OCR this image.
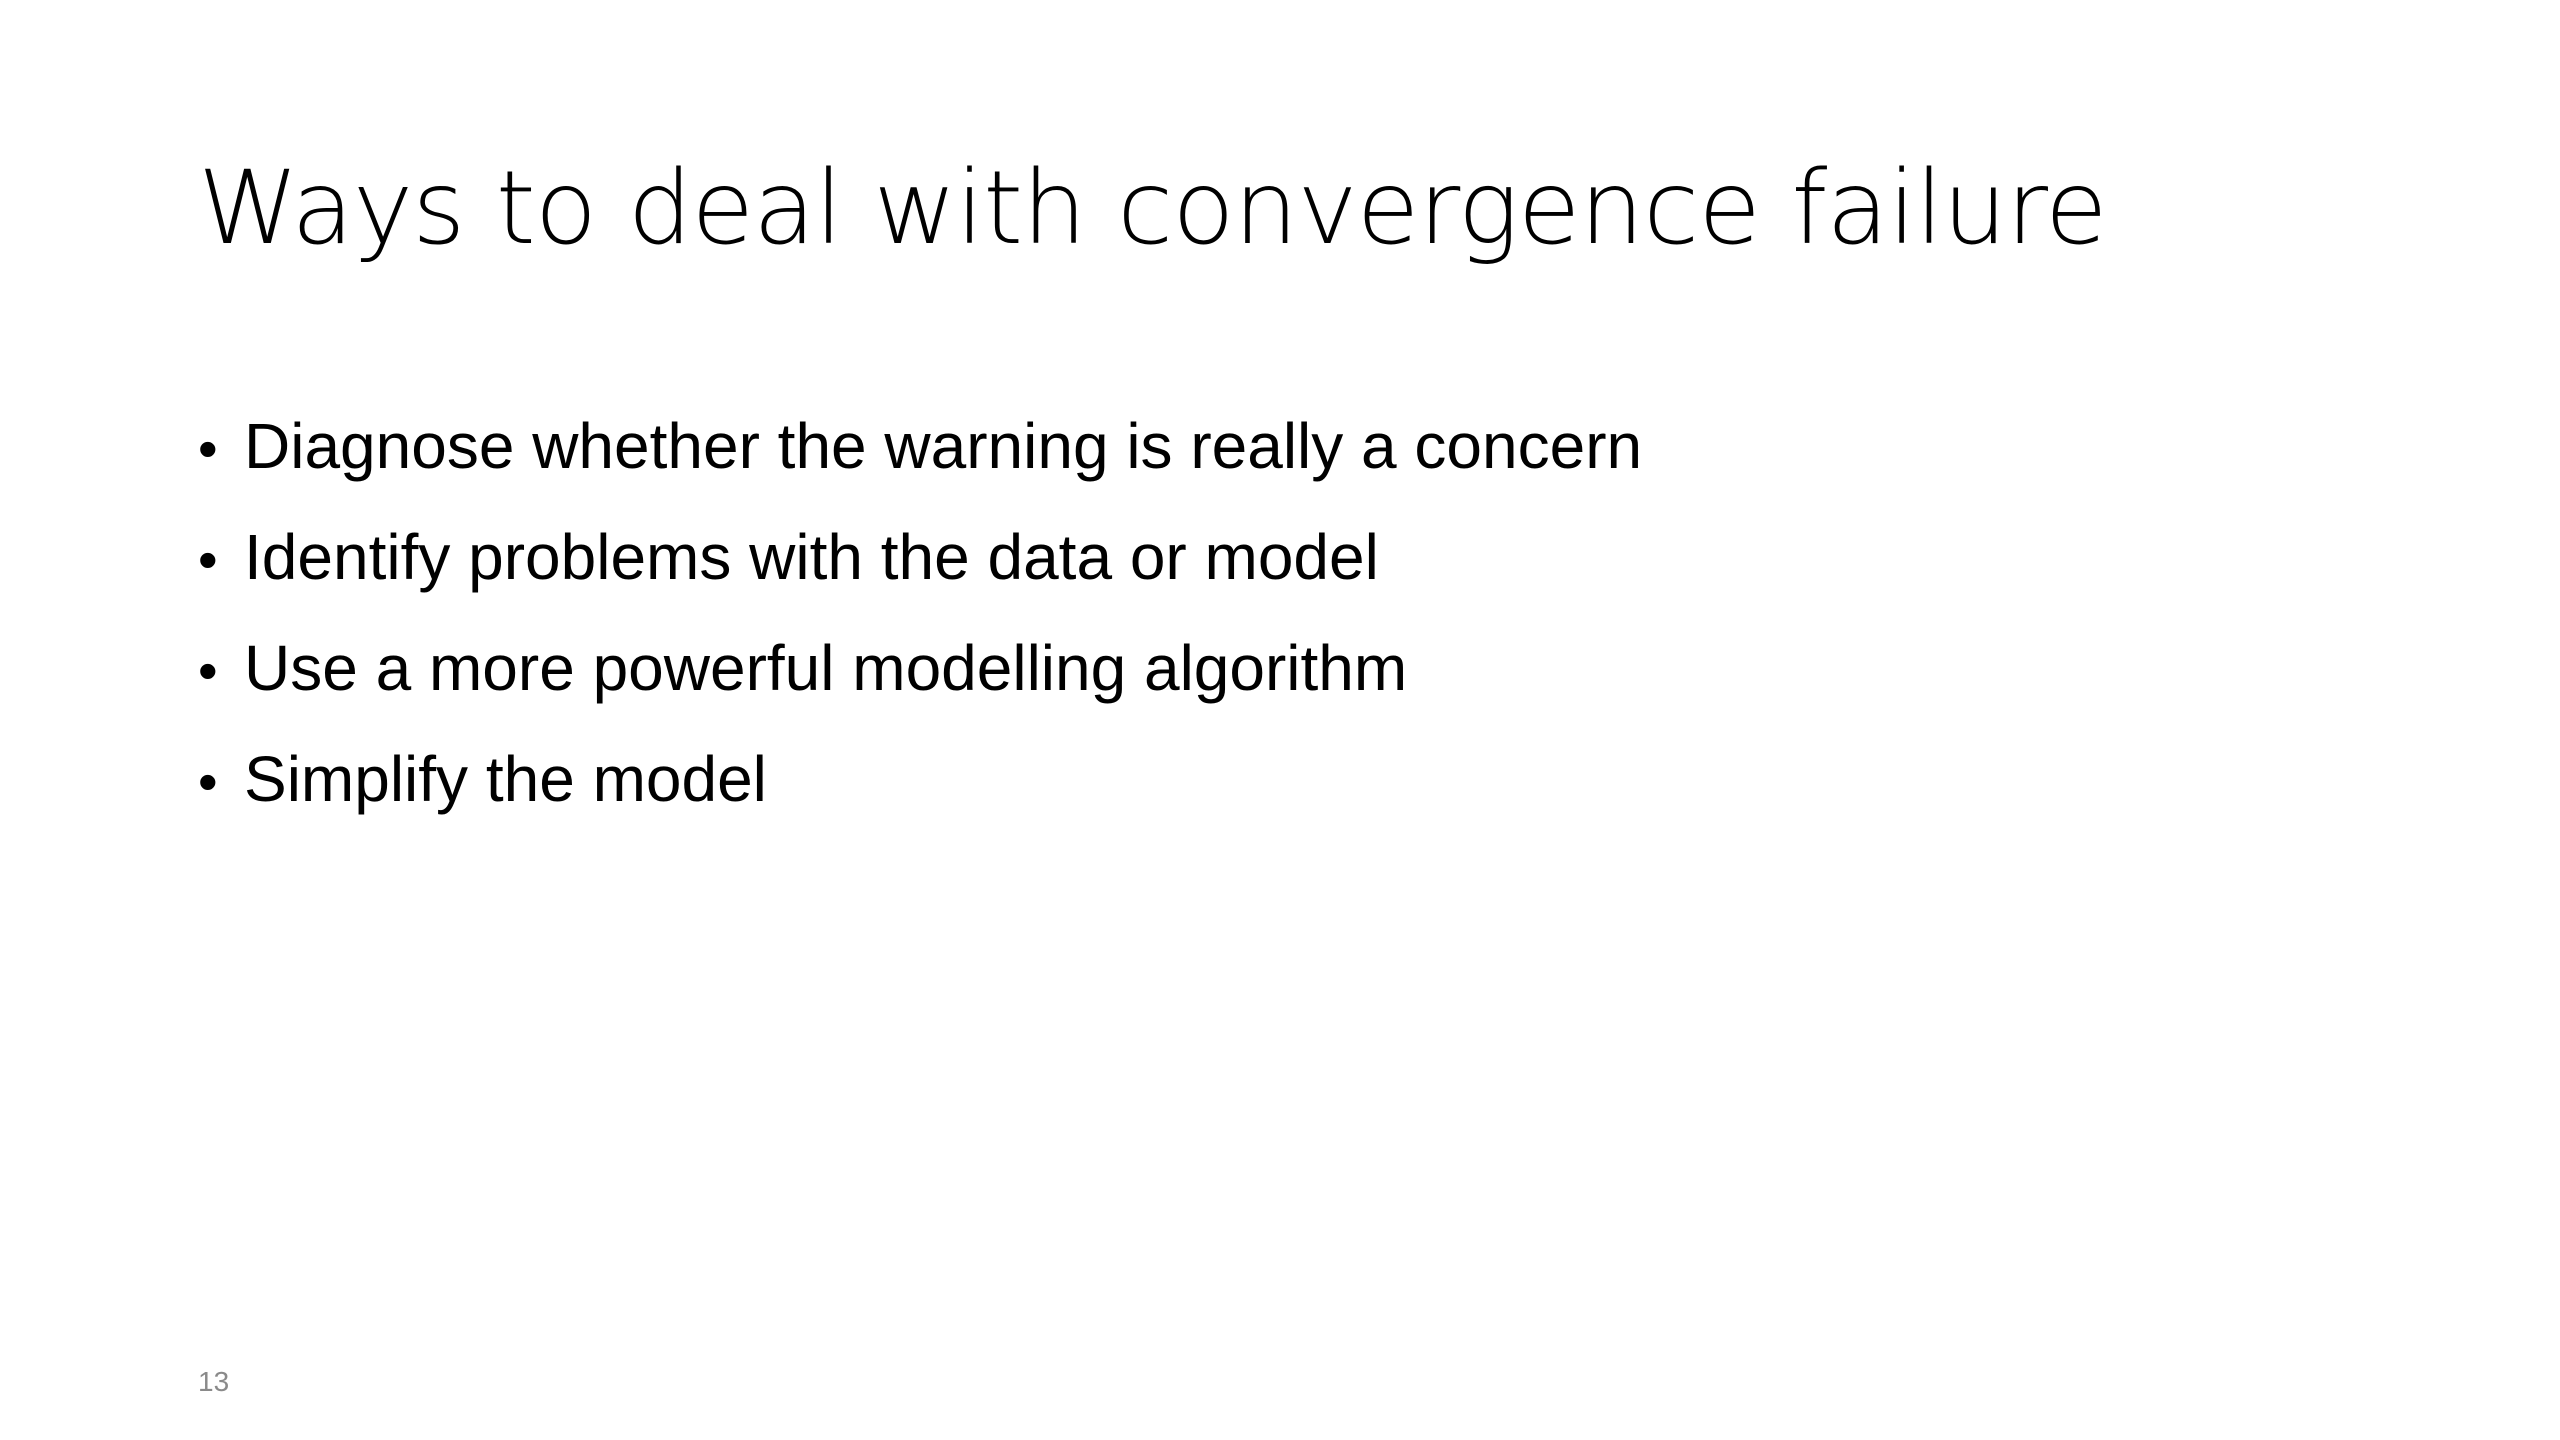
Ways to deal with convergence failure
• Diagnose whether the warning is really a concern
• Identify problems with the data or model
• Use a more powerful modelling algorithm
• Simplify the model
13
